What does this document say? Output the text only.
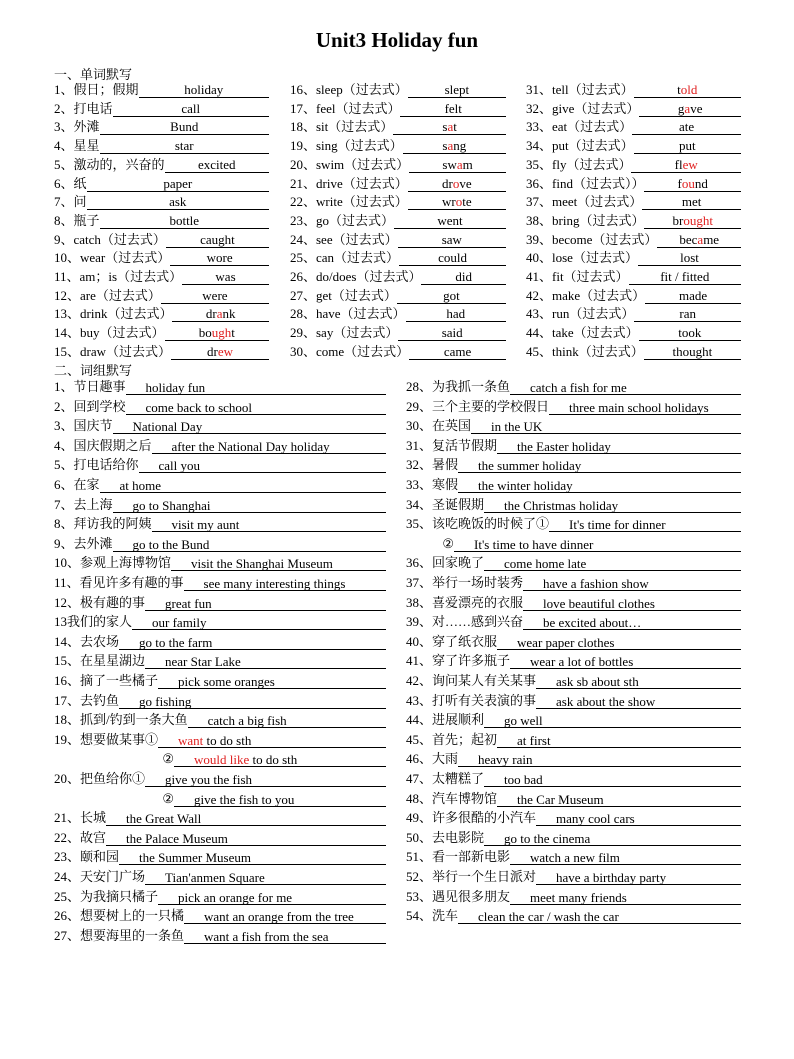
Unit3 Holiday fun
一、单词默写
二、词组默写
1、假日；假期	holiday
2、打电话	call
3、外滩	Bund
4、星星	star
5、激动的，兴奋的	excited
6、纸	paper
7、问	ask
8、瓶子	bottle
9、catch（过去式）	caught
10、wear（过去式）	wore
11、am；is（过去式）	was
12、are（过去式）	were
13、drink（过去式）	drank
14、buy（过去式）	bought
15、draw（过去式）	drew
16、sleep（过去式）	slept
17、feel（过去式）	felt
18、sit（过去式）	sat
19、sing（过去式）	sang
20、swim（过去式）	swam
21、drive（过去式）	drove
22、write（过去式）	wrote
23、go（过去式）	went
24、see（过去式）	saw
25、can（过去式）	could
26、do/does（过去式）	did
27、get（过去式）	got
28、have（过去式）	had
29、say（过去式）	said
30、come（过去式）	came
31、tell（过去式）	told
32、give（过去式）	gave
33、eat（过去式）	ate
34、put（过去式）	put
35、fly（过去式）	flew
36、find（过去式））	found
37、meet（过去式）	met
38、bring（过去式）	brought
39、become（过去式）	became
40、lose（过去式）	lost
41、fit（过去式）	fit / fitted
42、make（过去式）	made
43、run（过去式）	ran
44、take（过去式）	took
45、think（过去式）	thought
1、节日趣事	holiday fun
2、回到学校	come back to school
3、国庆节	National Day
4、国庆假期之后	after the National Day holiday
5、打电话给你	call you
6、在家	at home
7、去上海	go to Shanghai
8、拜访我的阿姨	visit my aunt
9、去外滩	go to the Bund
10、参观上海博物馆	visit the Shanghai Museum
11、看见许多有趣的事	see many interesting things
12、极有趣的事	great fun
13我们的家人	our family
14、去农场	go to the farm
15、在星星湖边	near Star Lake
16、摘了一些橘子	pick some oranges
17、去钓鱼	go fishing
18、抓到/钓到一条大鱼	catch a big fish
19、想要做某事①	want to do sth
②	would like to do sth
20、把鱼给你①	give you the fish
②	give the fish to you
21、长城	the Great Wall
22、故宫	the Palace Museum
23、颐和园	the Summer Museum
24、天安门广场	Tian'anmen Square
25、为我摘只橘子	pick an orange for me
26、想要树上的一只橘	want an orange from the tree
27、想要海里的一条鱼	want a fish from the sea
28、为我抓一条鱼	catch a fish for me
29、三个主要的学校假日	three main school holidays
30、在英国	in the UK
31、复活节假期	the Easter holiday
32、暑假	the summer holiday
33、寒假	the winter holiday
34、圣诞假期	the Christmas holiday
35、该吃晚饭的时候了①	It's time for dinner
②	It's time to have dinner
36、回家晚了	come home late
37、举行一场时装秀	have a fashion show
38、喜爱漂亮的衣服	love beautiful clothes
39、对……感到兴奋	be excited about…
40、穿了纸衣服	wear paper clothes
41、穿了许多瓶子	wear a lot of bottles
42、询问某人有关某事	ask sb about sth
43、打听有关表演的事	ask about the show
44、进展顺利	go well
45、首先；起初	at first
46、大雨	heavy rain
47、太糟糕了	too bad
48、汽车博物馆	the Car Museum
49、许多很酷的小汽车	many cool cars
50、去电影院	go to the cinema
51、看一部新电影	watch a new film
52、举行一个生日派对	have a birthday party
53、遇见很多朋友	meet many friends
54、洗车	clean the car / wash the car
